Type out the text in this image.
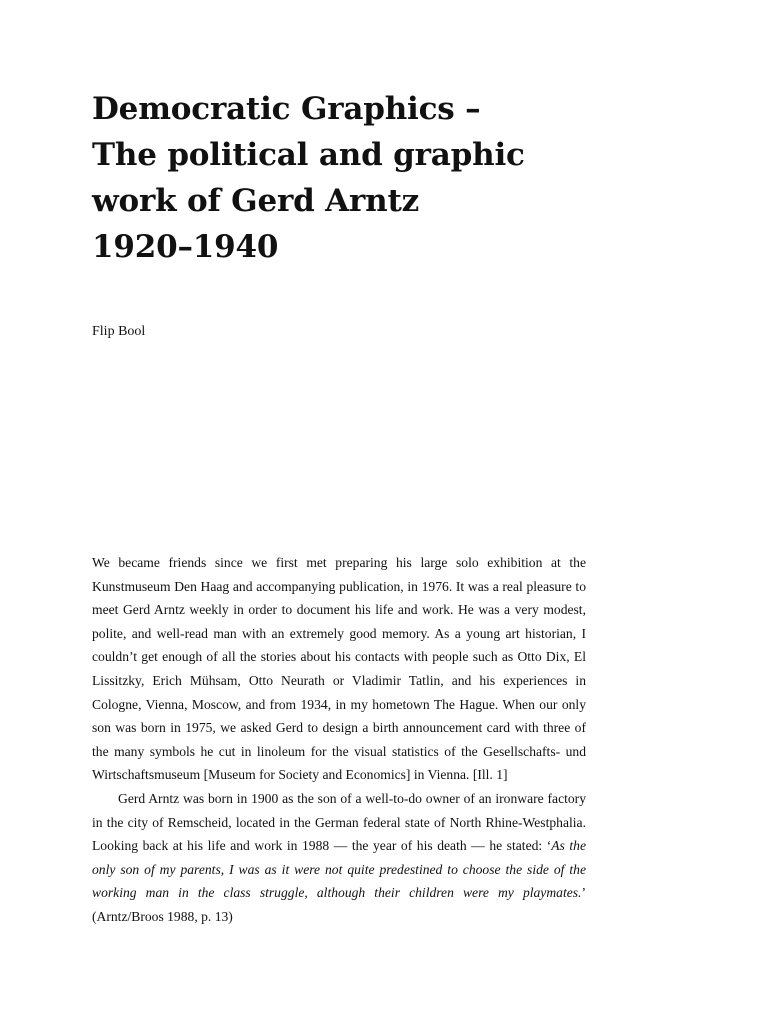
Democratic Graphics –
The political and graphic
work of Gerd Arntz
1920–1940
Flip Bool

We became friends since we first met preparing his large solo exhibition at the Kunstmuseum Den Haag and accompanying publication, in 1976. It was a real pleasure to meet Gerd Arntz weekly in order to document his life and work. He was a very modest, polite, and well-read man with an extremely good memory. As a young art historian, I couldn’t get enough of all the stories about his contacts with people such as Otto Dix, El Lissitzky, Erich Mühsam, Otto Neurath or Vladimir Tatlin, and his experiences in Cologne, Vienna, Moscow, and from 1934, in my hometown The Hague. When our only son was born in 1975, we asked Gerd to design a birth announcement card with three of the many symbols he cut in linoleum for the visual statistics of the Gesellschafts- und Wirtschaftsmuseum [Museum for Society and Economics] in Vienna. [Ill. 1]

Gerd Arntz was born in 1900 as the son of a well-to-do owner of an ironware factory in the city of Remscheid, located in the German federal state of North Rhine-Westphalia. Looking back at his life and work in 1988 — the year of his death — he stated: ‘As the only son of my parents, I was as it were not quite predestined to choose the side of the working man in the class struggle, although their children were my playmates.’ (Arntz/Broos 1988, p. 13)
